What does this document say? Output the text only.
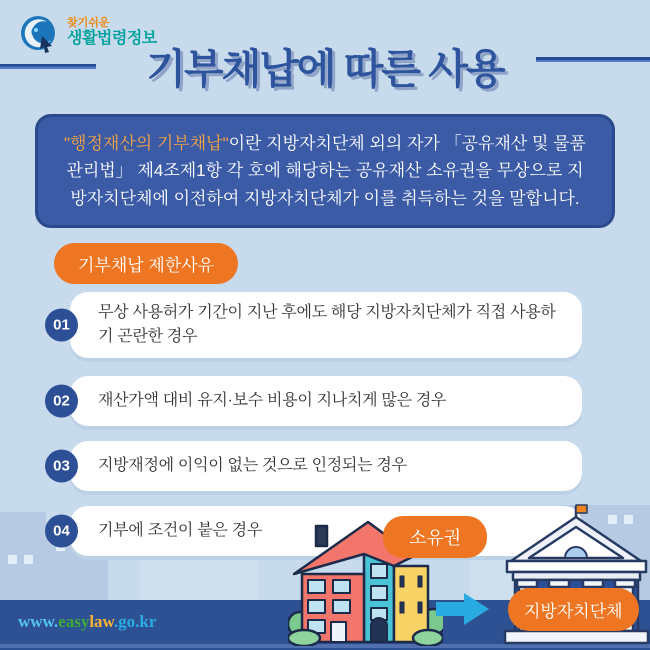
찾기쉬운
생활법령정보
기부채납에 따른 사용

"행정재산의 기부채납"이란 지방자치단체 외의 자가 「공유재산 및 물품 관리법」 제4조제1항 각 호에 해당하는 공유재산 소유권을 무상으로 지방자치단체에 이전하여 지방자치단체가 이를 취득하는 것을 말합니다.

기부채납 제한사유
01
무상 사용허가 기간이 지난 후에도 해당 지방자치단체가 직접 사용하기 곤란한 경우
02	재산가액 대비 유지·보수 비용이 지나치게 많은 경우
03	지방재정에 이익이 없는 것으로 인정되는 경우
04	기부에 조건이 붙은 경우
www.easylaw.go.kr
소유권
지방자치단체
